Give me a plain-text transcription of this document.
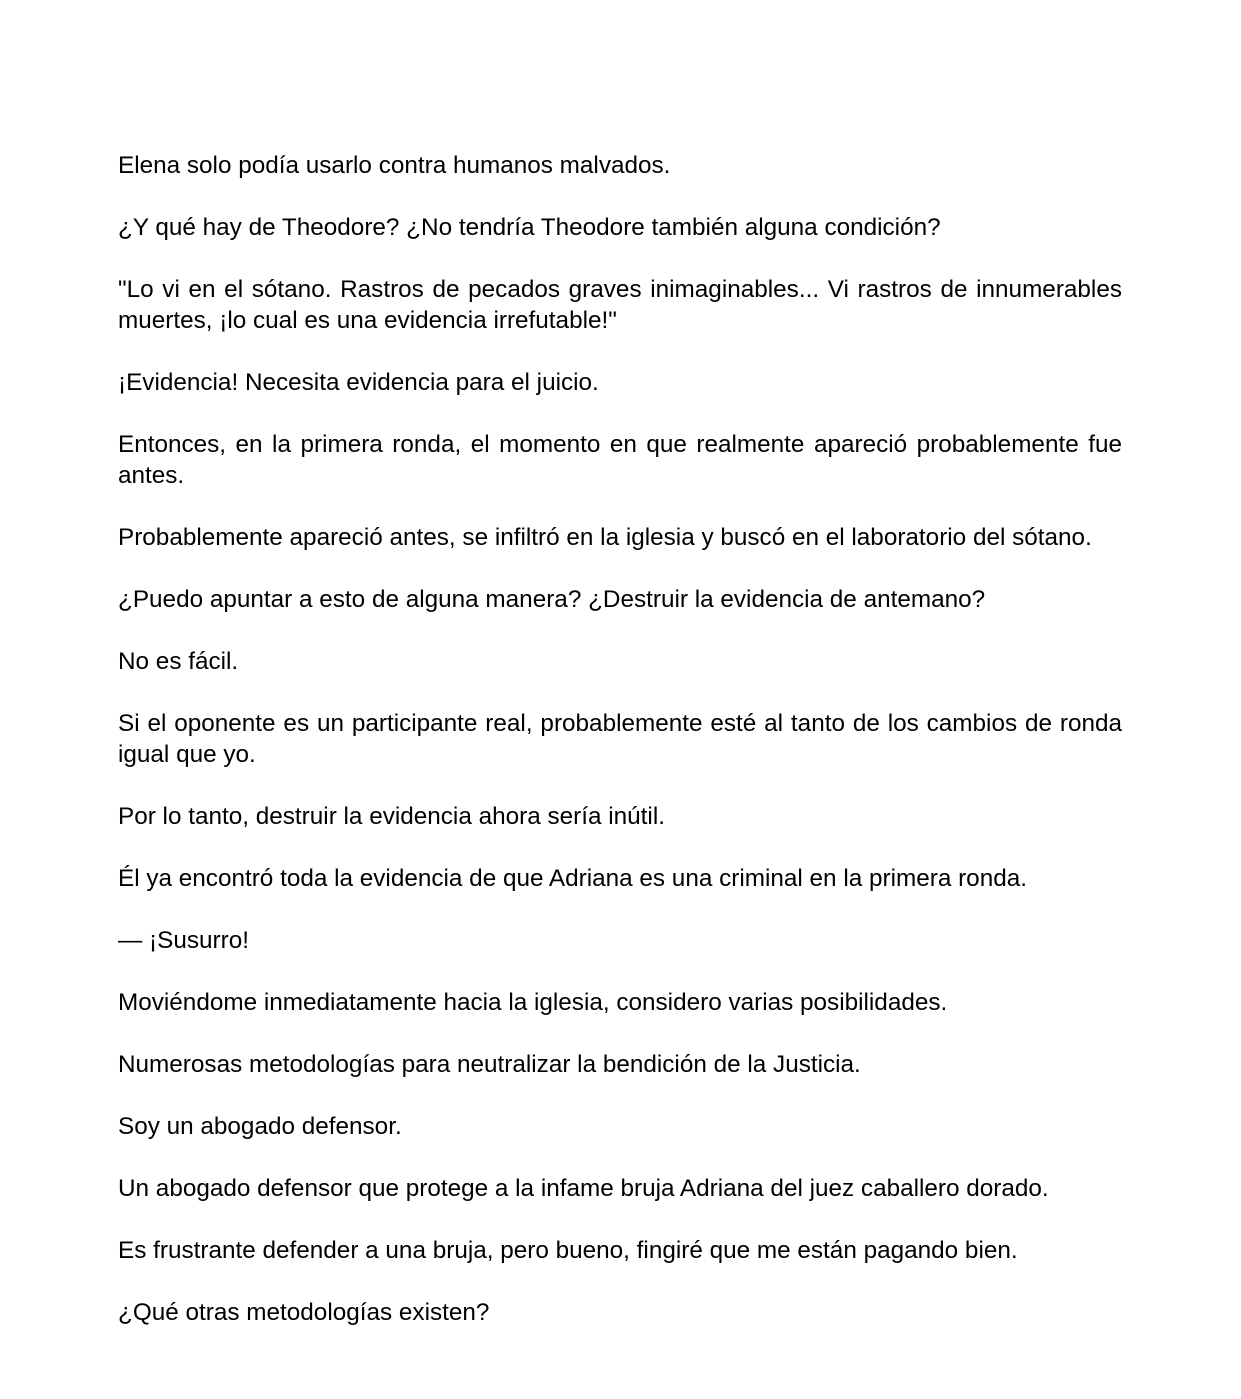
Elena solo podía usarlo contra humanos malvados.

¿Y qué hay de Theodore? ¿No tendría Theodore también alguna condición?

"Lo vi en el sótano. Rastros de pecados graves inimaginables... Vi rastros de innumerables muertes, ¡lo cual es una evidencia irrefutable!"

¡Evidencia! Necesita evidencia para el juicio.

Entonces, en la primera ronda, el momento en que realmente apareció probablemente fue antes.

Probablemente apareció antes, se infiltró en la iglesia y buscó en el laboratorio del sótano.

¿Puedo apuntar a esto de alguna manera? ¿Destruir la evidencia de antemano?

No es fácil.

Si el oponente es un participante real, probablemente esté al tanto de los cambios de ronda igual que yo.

Por lo tanto, destruir la evidencia ahora sería inútil.

Él ya encontró toda la evidencia de que Adriana es una criminal en la primera ronda.

— ¡Susurro!

Moviéndome inmediatamente hacia la iglesia, considero varias posibilidades.

Numerosas metodologías para neutralizar la bendición de la Justicia.

Soy un abogado defensor.

Un abogado defensor que protege a la infame bruja Adriana del juez caballero dorado.

Es frustrante defender a una bruja, pero bueno, fingiré que me están pagando bien.

¿Qué otras metodologías existen?
